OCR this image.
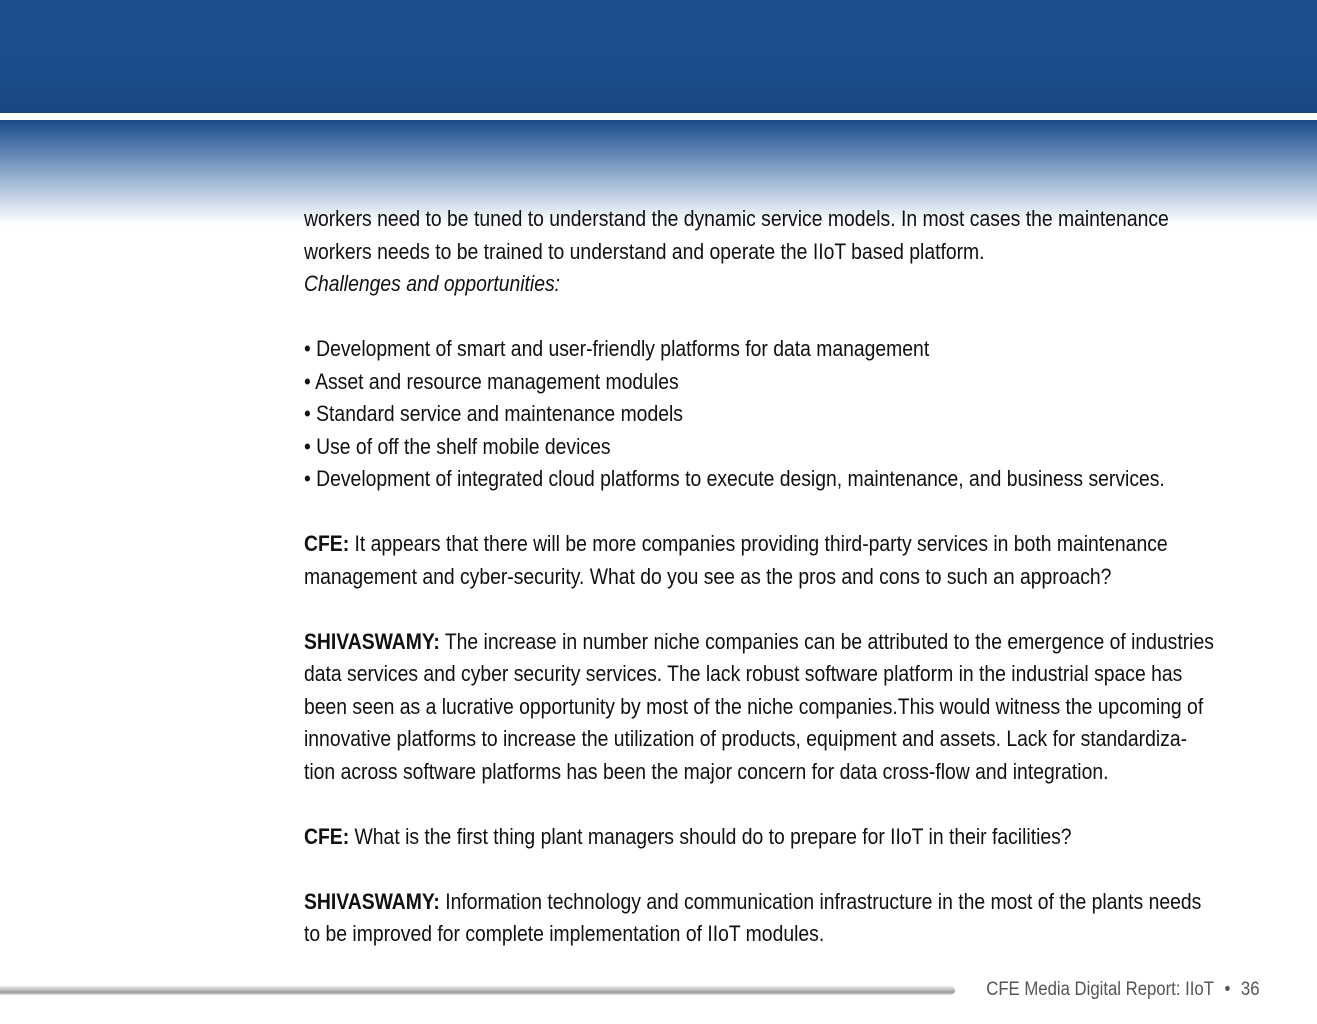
workers need to be tuned to understand the dynamic service models. In most cases the maintenance

workers needs to be trained to understand and operate the IIoT based platform.

Challenges and opportunities:

• Development of smart and user-friendly platforms for data management

• Asset and resource management modules

• Standard service and maintenance models

• Use of off the shelf mobile devices

• Development of integrated cloud platforms to execute design, maintenance, and business services.

CFE: It appears that there will be more companies providing third-party services in both maintenance

management and cyber-security. What do you see as the pros and cons to such an approach?

SHIVASWAMY: The increase in number niche companies can be attributed to the emergence of industries

data services and cyber security services. The lack robust software platform in the industrial space has

been seen as a lucrative opportunity by most of the niche companies.This would witness the upcoming of

innovative platforms to increase the utilization of products, equipment and assets. Lack for standardiza-

tion across software platforms has been the major concern for data cross-flow and integration.

CFE: What is the first thing plant managers should do to prepare for IIoT in their facilities?

SHIVASWAMY: Information technology and communication infrastructure in the most of the plants needs

to be improved for complete implementation of IIoT modules.

CFE Media Digital Report: IIoT • 36
